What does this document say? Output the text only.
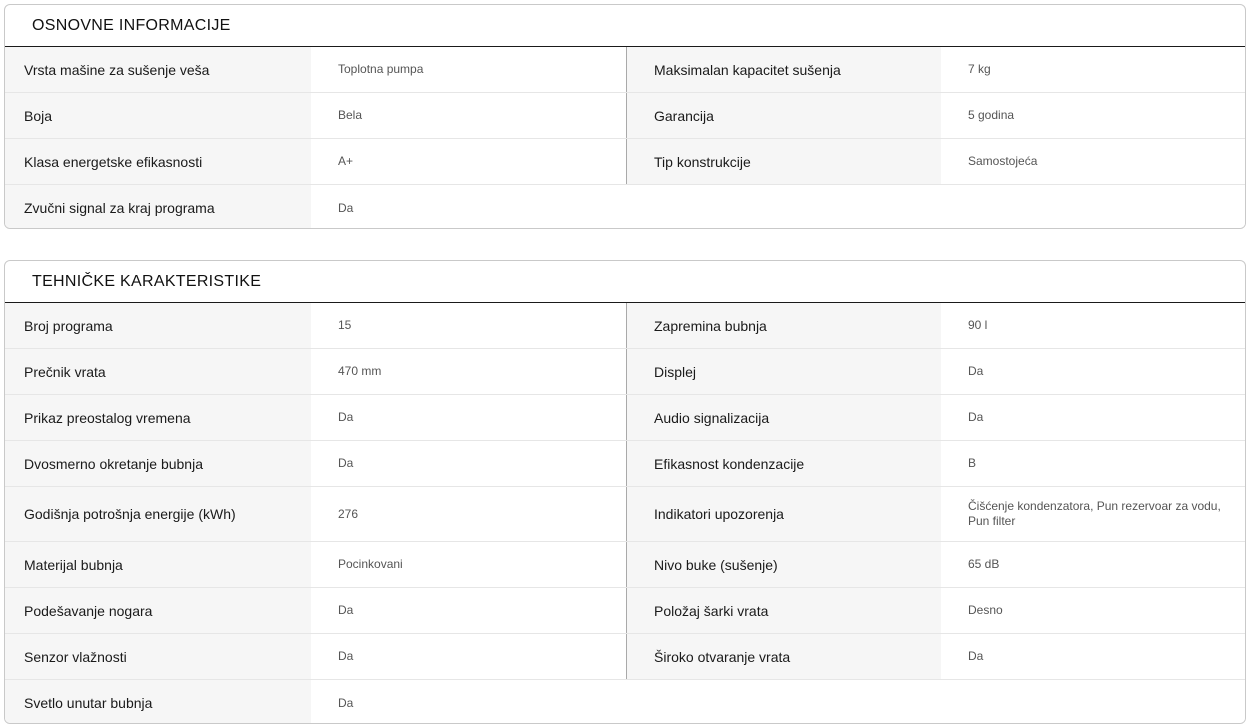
OSNOVNE INFORMACIJE
Vrsta mašine za sušenje veša	Toplotna pumpa	Maksimalan kapacitet sušenja	7 kg
Boja	Bela	Garancija	5 godina
Klasa energetske efikasnosti	A+	Tip konstrukcije	Samostojeća
Zvučni signal za kraj programa	Da
TEHNIČKE KARAKTERISTIKE
Broj programa	15	Zapremina bubnja	90 l
Prečnik vrata	470 mm	Displej	Da
Prikaz preostalog vremena	Da	Audio signalizacija	Da
Dvosmerno okretanje bubnja	Da	Efikasnost kondenzacije	B
Godišnja potrošnja energije (kWh)	276	Indikatori upozorenja	Čišćenje kondenzatora, Pun rezervoar za vodu, Pun filter
Materijal bubnja	Pocinkovani	Nivo buke (sušenje)	65 dB
Podešavanje nogara	Da	Položaj šarki vrata	Desno
Senzor vlažnosti	Da	Široko otvaranje vrata	Da
Svetlo unutar bubnja	Da
